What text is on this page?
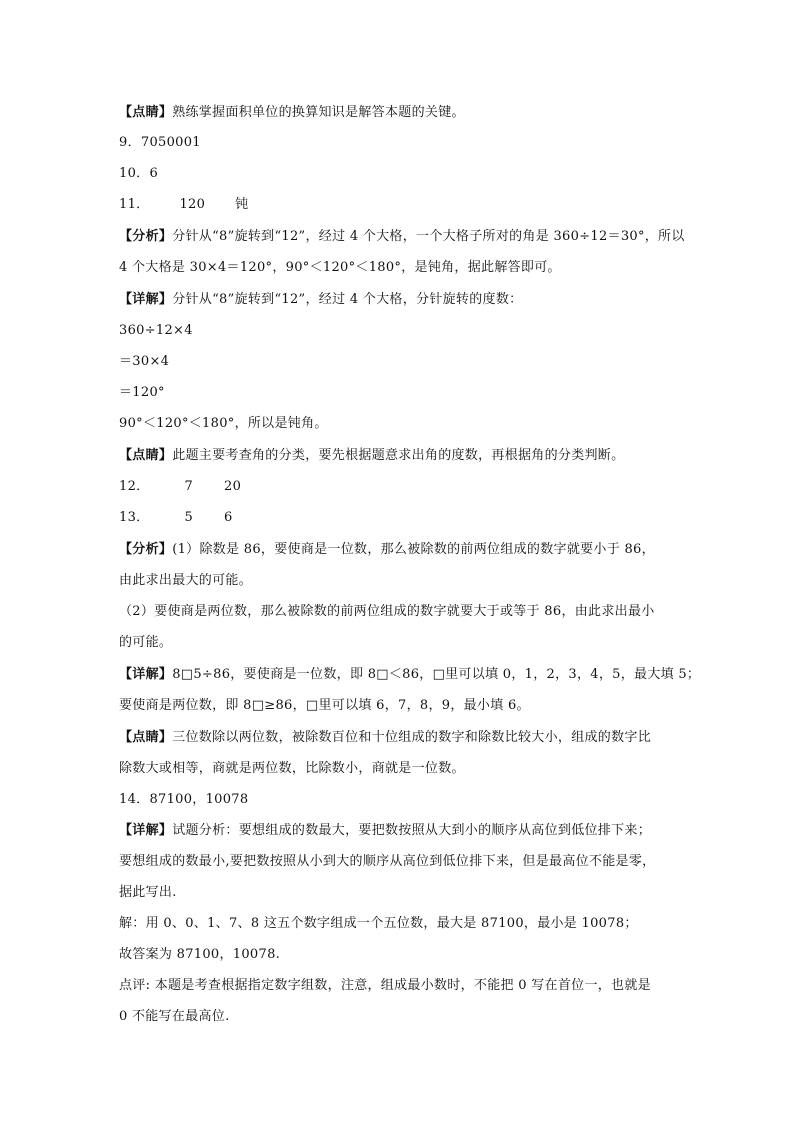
【点睛】熟练掌握面积单位的换算知识是解答本题的关键。
9．7050001
10．6
11． 120 钝
【分析】分针从“8”旋转到“12”，经过 4 个大格，一个大格子所对的角是 360÷12＝30°，所以
4 个大格是 30×4＝120°，90°＜120°＜180°，是钝角，据此解答即可。
【详解】分针从“8”旋转到“12”，经过 4 个大格，分针旋转的度数：
360÷12×4
＝30×4
＝120°
90°＜120°＜180°，所以是钝角。
【点睛】此题主要考查角的分类，要先根据题意求出角的度数，再根据角的分类判断。
12．	7 20
13．	5 6
【分析】(1）除数是 86，要使商是一位数，那么被除数的前两位组成的数字就要小于 86，
由此求出最大的可能。
（2）要使商是两位数，那么被除数的前两位组成的数字就要大于或等于 86，由此求出最小
的可能。
【详解】8□5÷86，要使商是一位数，即 8□＜86，□里可以填 0，1，2，3，4，5，最大填 5；
要使商是两位数，即 8□≥86，□里可以填 6，7，8，9，最小填 6。
【点睛】三位数除以两位数，被除数百位和十位组成的数字和除数比较大小，组成的数字比
除数大或相等，商就是两位数，比除数小，商就是一位数。
14．87100，10078
【详解】试题分析：要想组成的数最大，要把数按照从大到小的顺序从高位到低位排下来；
要想组成的数最小,要把数按照从小到大的顺序从高位到低位排下来，但是最高位不能是零，
据此写出.
解：用 0、0、1、7、8 这五个数字组成一个五位数，最大是 87100，最小是 10078；
故答案为 87100，10078.
点评: 本题是考查根据指定数字组数，注意，组成最小数时，不能把 0 写在首位一，也就是
0 不能写在最高位.
